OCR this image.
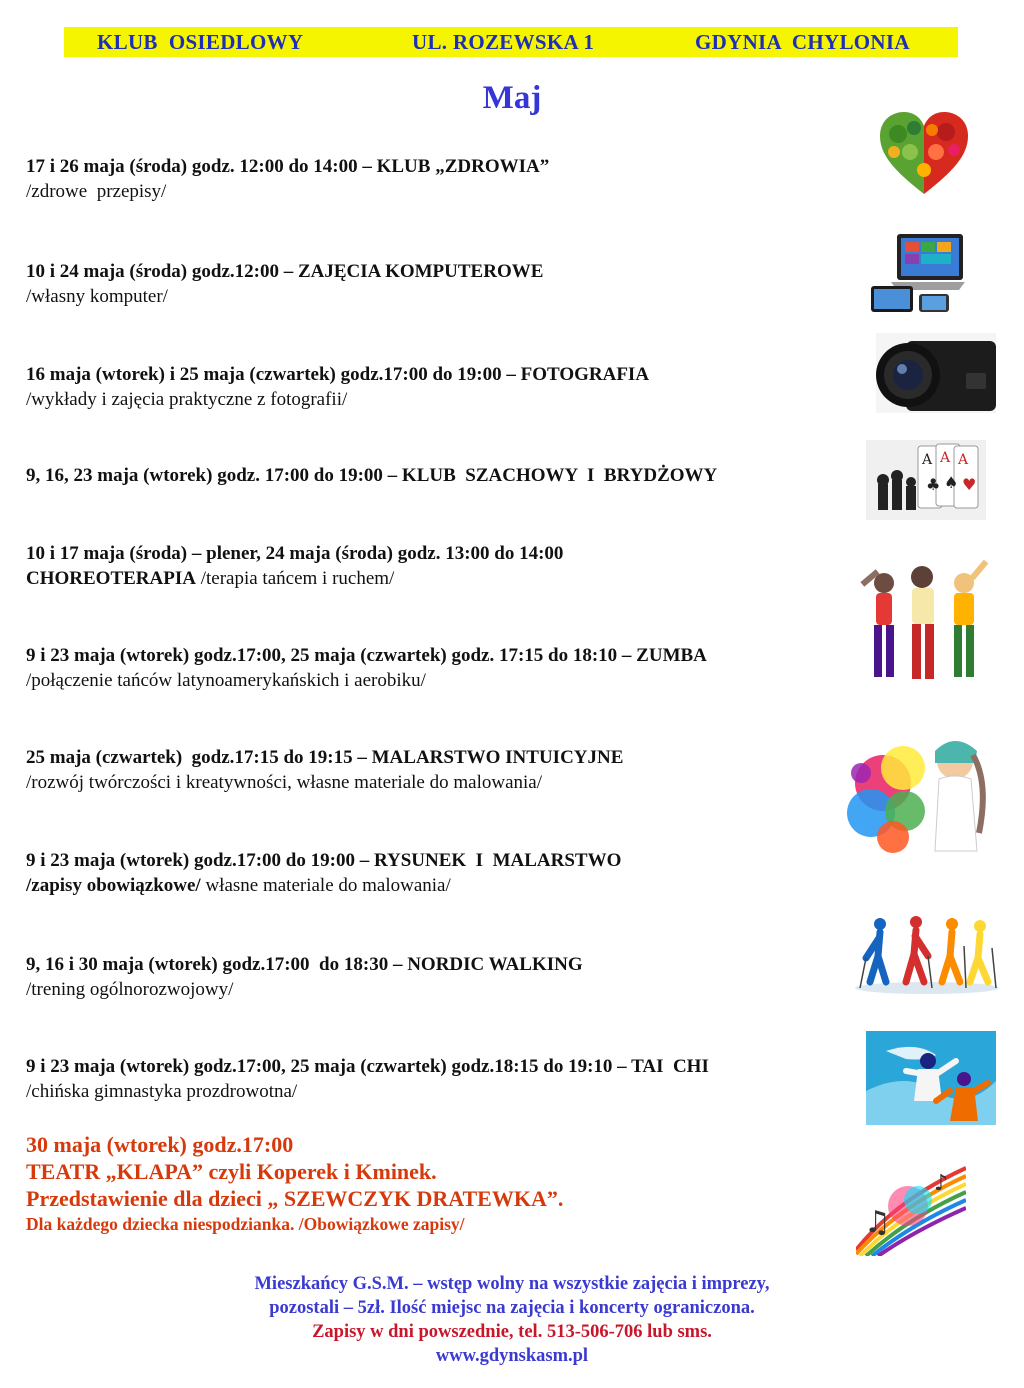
KLUB  OSIEDLOWY	UL. ROZEWSKA 1	GDYNIA  CHYLONIA
Maj
17 i 26 maja (środa) godz. 12:00 do 14:00 – KLUB „ZDROWIA”
/zdrowe  przepisy/
10 i 24 maja (środa) godz.12:00 – ZAJĘCIA KOMPUTEROWE
/własny komputer/
16 maja (wtorek) i 25 maja (czwartek) godz.17:00 do 19:00 – FOTOGRAFIA
/wykłady i zajęcia praktyczne z fotografii/
9, 16, 23 maja (wtorek) godz. 17:00 do 19:00 – KLUB  SZACHOWY  I  BRYDŻOWY
10 i 17 maja (środa) – plener, 24 maja (środa) godz. 13:00 do 14:00
CHOREOTERAPIA /terapia tańcem i ruchem/
9 i 23 maja (wtorek) godz.17:00, 25 maja (czwartek) godz. 17:15 do 18:10 – ZUMBA
/połączenie tańców latynoamerykańskich i aerobiku/
25 maja (czwartek)  godz.17:15 do 19:15 – MALARSTWO INTUICYJNE
/rozwój twórczości i kreatywności, własne materiale do malowania/
9 i 23 maja (wtorek) godz.17:00 do 19:00 – RYSUNEK  I  MALARSTWO
/zapisy obowiązkowe/ własne materiale do malowania/
9, 16 i 30 maja (wtorek) godz.17:00  do 18:30 – NORDIC WALKING
/trening ogólnorozwojowy/
9 i 23 maja (wtorek) godz.17:00, 25 maja (czwartek) godz.18:15 do 19:10 – TAI  CHI
/chińska gimnastyka prozdrowotna/
30 maja (wtorek) godz.17:00
TEATR „KLAPA” czyli Koperek i Kminek.
Przedstawienie dla dzieci „ SZEWCZYK DRATEWKA”.
Dla każdego dziecka niespodzianka. /Obowiązkowe zapisy/
Mieszkańcy G.S.M. – wstęp wolny na wszystkie zajęcia i imprezy,
pozostali – 5zł. Ilość miejsc na zajęcia i koncerty ograniczona.
Zapisy w dni powszednie, tel. 513-506-706 lub sms.
www.gdynskasm.pl
A A A
♣ ♠ ♥
♫
♪
